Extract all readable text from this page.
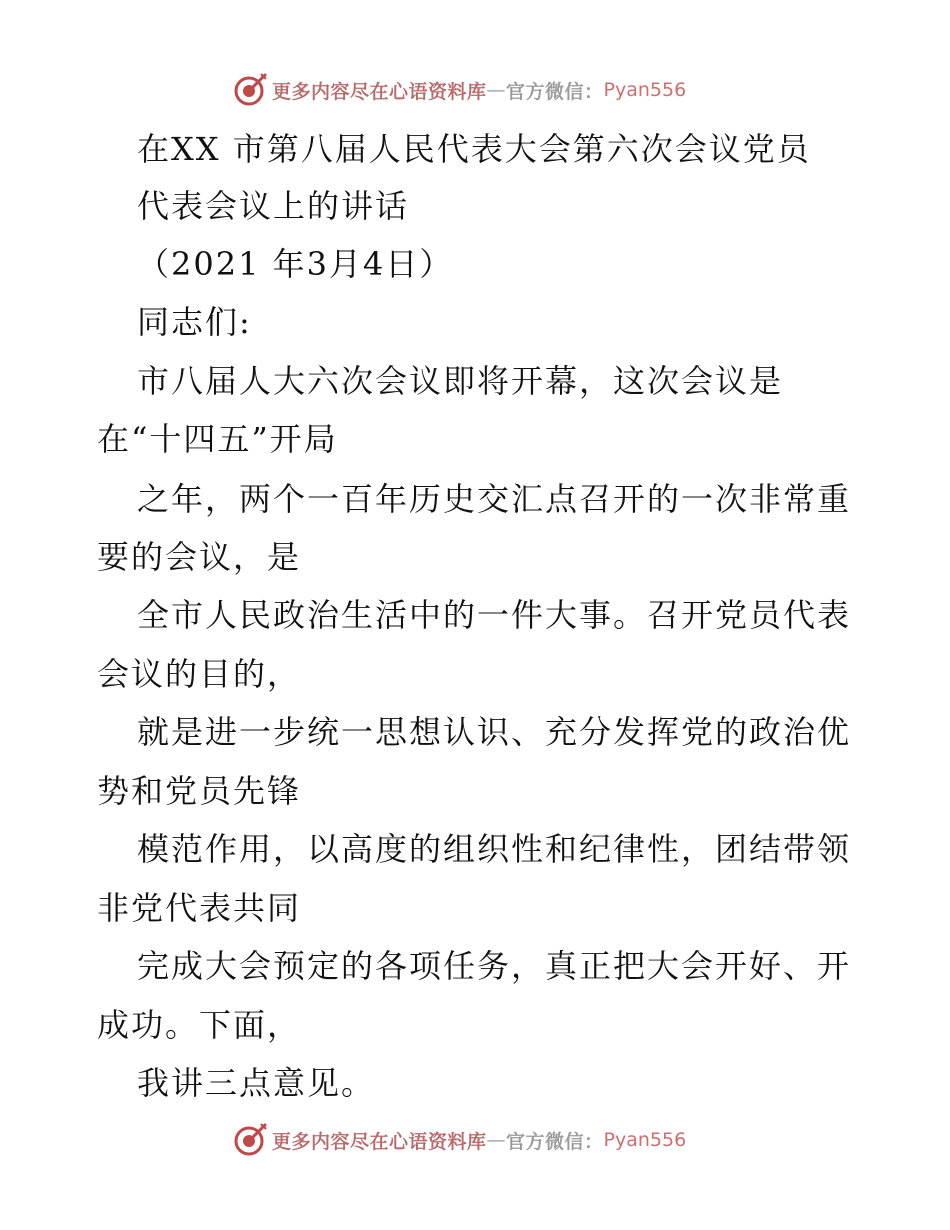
更多内容尽在心语资料库 — 官方微信： Pyan556
在XX 市第八届人民代表大会第六次会议党员
代表会议上的讲话
（2021 年3月4日）
同志们:
市八届人大六次会议即将开幕，这次会议是
在“十四五”开局
之年，两个一百年历史交汇点召开的一次非常重
要的会议，是
全市人民政治生活中的一件大事。召开党员代表
会议的目的，
就是进一步统一思想认识、充分发挥党的政治优
势和党员先锋
模范作用，以高度的组织性和纪律性，团结带领
非党代表共同
完成大会预定的各项任务，真正把大会开好、开
成功。下面，
我讲三点意见。
更多内容尽在心语资料库 — 官方微信： Pyan556
